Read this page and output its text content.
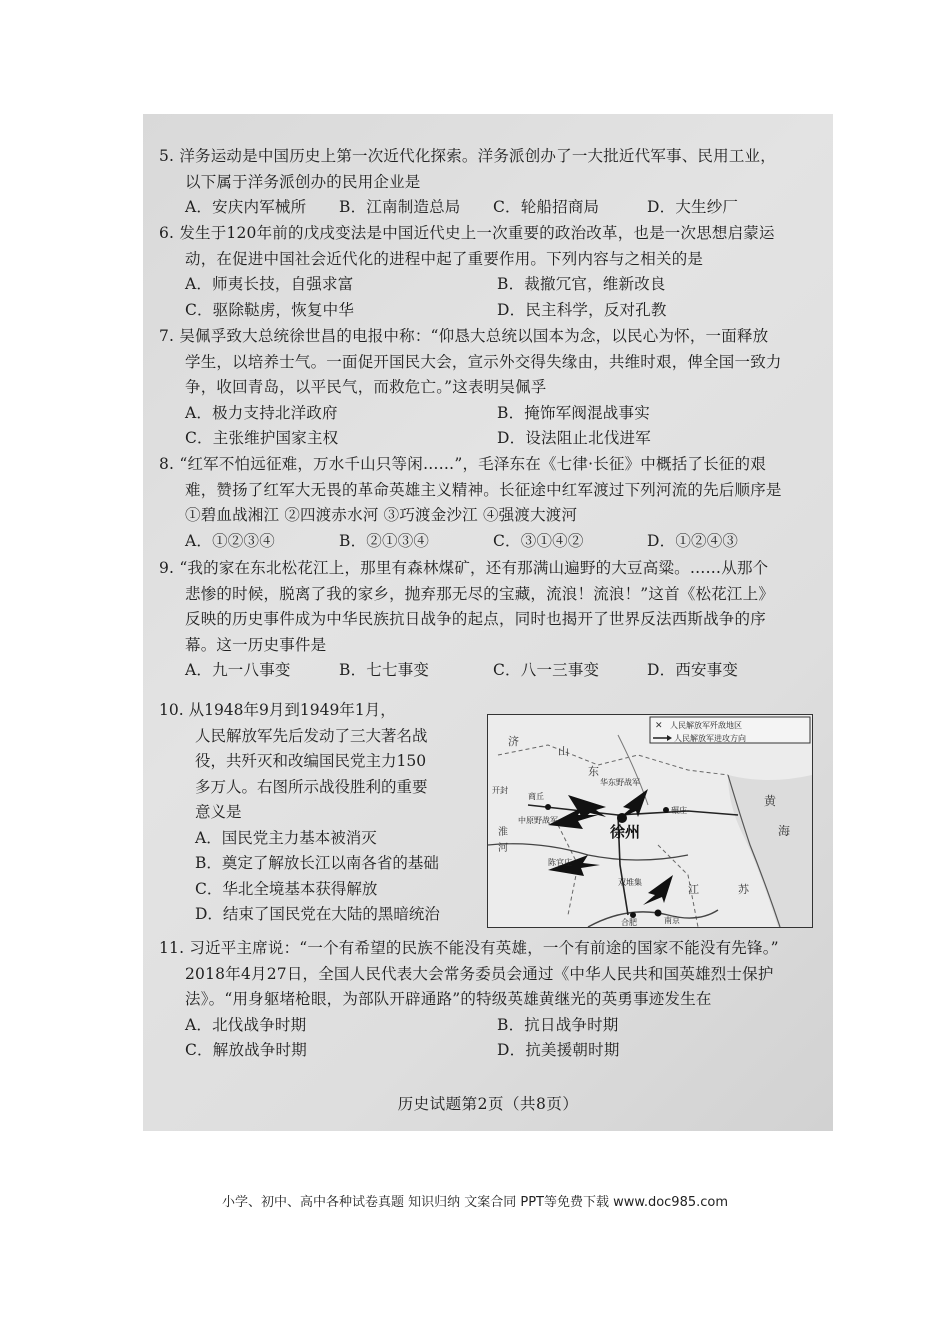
5. 洋务运动是中国历史上第一次近代化探索。洋务派创办了一大批近代军事、民用工业，

以下属于洋务派创办的民用企业是

A．安庆内军械所	B．江南制造总局	C．轮船招商局	D．大生纱厂

6. 发生于120年前的戊戌变法是中国近代史上一次重要的政治改革，也是一次思想启蒙运

动，在促进中国社会近代化的进程中起了重要作用。下列内容与之相关的是

A．师夷长技，自强求富	B．裁撤冗官，维新改良
C．驱除鞑虏，恢复中华	D．民主科学，反对孔教

7. 吴佩孚致大总统徐世昌的电报中称：“仰恳大总统以国本为念，以民心为怀，一面释放

学生，以培养士气。一面促开国民大会，宣示外交得失缘由，共维时艰，俾全国一致力

争，收回青岛，以平民气，而救危亡。”这表明吴佩孚

A．极力支持北洋政府	B．掩饰军阀混战事实
C．主张维护国家主权	D．设法阻止北伐进军

8. “红军不怕远征难，万水千山只等闲……”，毛泽东在《七律·长征》中概括了长征的艰

难，赞扬了红军大无畏的革命英雄主义精神。长征途中红军渡过下列河流的先后顺序是

①碧血战湘江 ②四渡赤水河 ③巧渡金沙江 ④强渡大渡河

A．①②③④	B．②①③④	C．③①④②	D．①②④③

9. “我的家在东北松花江上，那里有森林煤矿，还有那满山遍野的大豆高粱。……从那个

悲惨的时候，脱离了我的家乡，抛弃那无尽的宝藏，流浪！流浪！”这首《松花江上》

反映的历史事件成为中华民族抗日战争的起点，同时也揭开了世界反法西斯战争的序

幕。这一历史事件是

A．九一八事变	B．七七事变	C．八一三事变	D．西安事变

10. 从1948年9月到1949年1月，

人民解放军先后发动了三大著名战

役，共歼灭和改编国民党主力150

多万人。右图所示战役胜利的重要

意义是

A．国民党主力基本被消灭

B．奠定了解放长江以南各省的基础

C．华北全境基本获得解放

D．结束了国民党在大陆的黑暗统治

✕ 人民解放军歼敌地区
人民解放军进攻方向
徐州
济
山
东
碾庄
陈官庄
双堆集
合肥	南京
江	苏
黄
海
淮
河
中原野战军
华东野战军
商丘
开封

11. 习近平主席说：“一个有希望的民族不能没有英雄，一个有前途的国家不能没有先锋。”

2018年4月27日，全国人民代表大会常务委员会通过《中华人民共和国英雄烈士保护

法》。“用身躯堵枪眼，为部队开辟通路”的特级英雄黄继光的英勇事迹发生在

A．北伐战争时期	B．抗日战争时期
C．解放战争时期	D．抗美援朝时期
历史试题第2页（共8页）
小学、初中、高中各种试卷真题 知识归纳 文案合同 PPT等免费下载 www.doc985.com
